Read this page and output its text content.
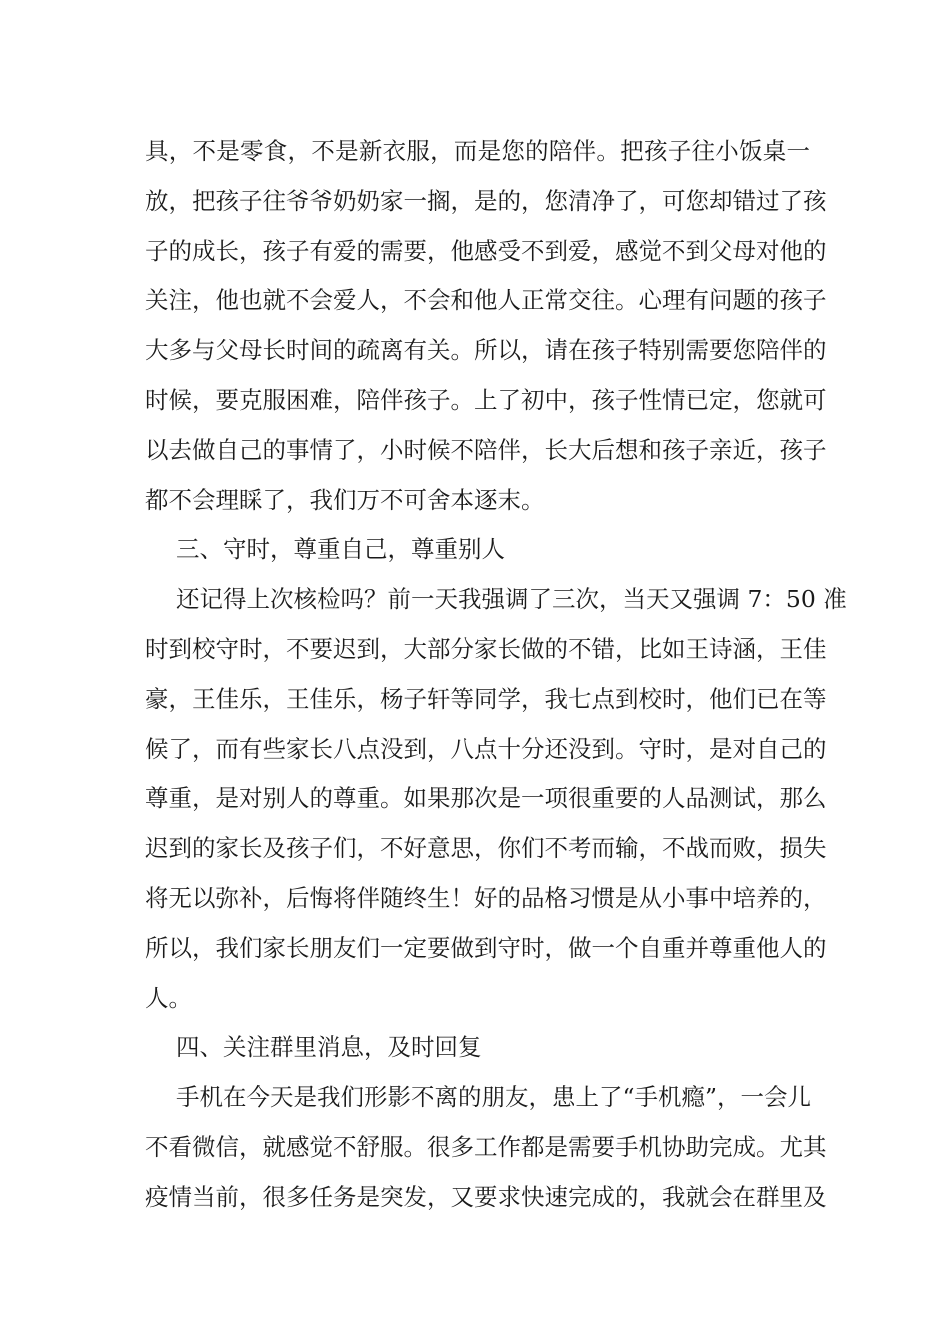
具，不是零食，不是新衣服，而是您的陪伴。把孩子往小饭桌一
放，把孩子往爷爷奶奶家一搁，是的，您清净了，可您却错过了孩
子的成长，孩子有爱的需要，他感受不到爱，感觉不到父母对他的
关注，他也就不会爱人，不会和他人正常交往。心理有问题的孩子
大多与父母长时间的疏离有关。所以，请在孩子特别需要您陪伴的
时候，要克服困难，陪伴孩子。上了初中，孩子性情已定，您就可
以去做自己的事情了，小时候不陪伴，长大后想和孩子亲近，孩子
都不会理睬了，我们万不可舍本逐末。
三、守时，尊重自己，尊重别人
还记得上次核检吗？前一天我强调了三次，当天又强调 7：50 准
时到校守时，不要迟到，大部分家长做的不错，比如王诗涵，王佳
豪，王佳乐，王佳乐，杨子轩等同学，我七点到校时，他们已在等
候了，而有些家长八点没到，八点十分还没到。守时，是对自己的
尊重，是对别人的尊重。如果那次是一项很重要的人品测试，那么
迟到的家长及孩子们，不好意思，你们不考而输，不战而败，损失
将无以弥补，后悔将伴随终生！好的品格习惯是从小事中培养的，
所以，我们家长朋友们一定要做到守时，做一个自重并尊重他人的
人。
四、关注群里消息，及时回复
手机在今天是我们形影不离的朋友，患上了“手机瘾”，一会儿
不看微信，就感觉不舒服。很多工作都是需要手机协助完成。尤其
疫情当前，很多任务是突发，又要求快速完成的，我就会在群里及
